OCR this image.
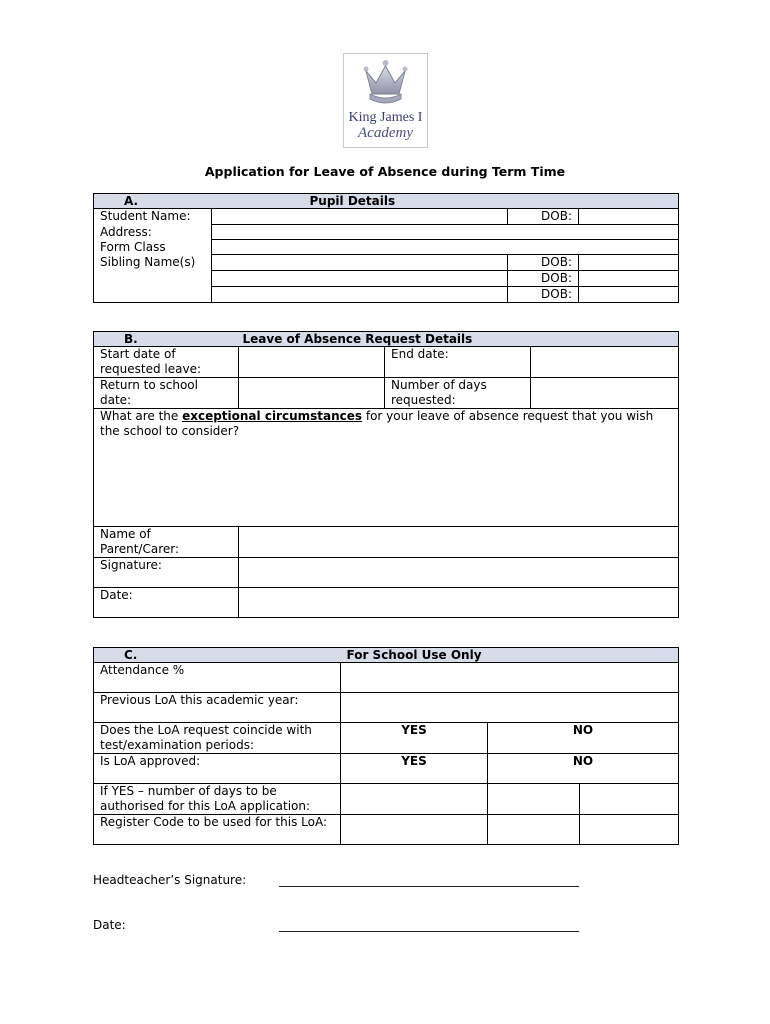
King James I
Academy
Application for Leave of Absence during Term Time
A.	Pupil Details		
Student Name:		DOB:	
Address:			
Form Class			
Sibling Name(s)		DOB:	
		DOB:	
		DOB:	
B.	Leave of Absence Request Details		
Start date of requested leave:		End date:	
Return to school date:		Number of days requested:	
What are the exceptional circumstances for your leave of absence request that you wish the school to consider?			
Name of Parent/Carer:			
Signature:			
Date:			
C.	For School Use Only		
Attendance %			
Previous LoA this academic year:			
Does the LoA request coincide with test/examination periods:	YES	NO	
Is LoA approved:	YES	NO	
If YES – number of days to be authorised for this LoA application:			
Register Code to be used for this LoA:			
Headteacher’s Signature:	__________________________________________________
Date:	__________________________________________________
